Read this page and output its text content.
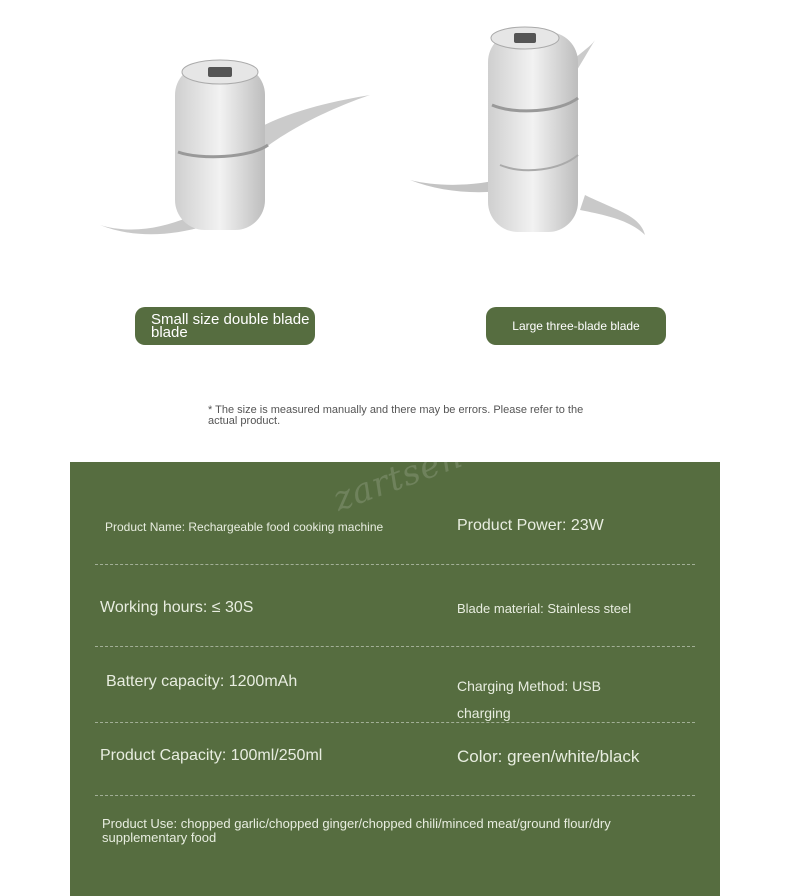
Small size double blade blade	Large three-blade blade
* The size is measured manually and there may be errors. Please refer to the actual product.
zartsen
Product Name: Rechargeable food cooking machine	Product Power: 23W
Working hours: ≤ 30S	Blade material: Stainless steel
Battery capacity: 1200mAh	Charging Method: USB charging
Product Capacity: 100ml/250ml	Color: green/white/black
Product Use: chopped garlic/chopped ginger/chopped chili/minced meat/ground flour/dry supplementary food
